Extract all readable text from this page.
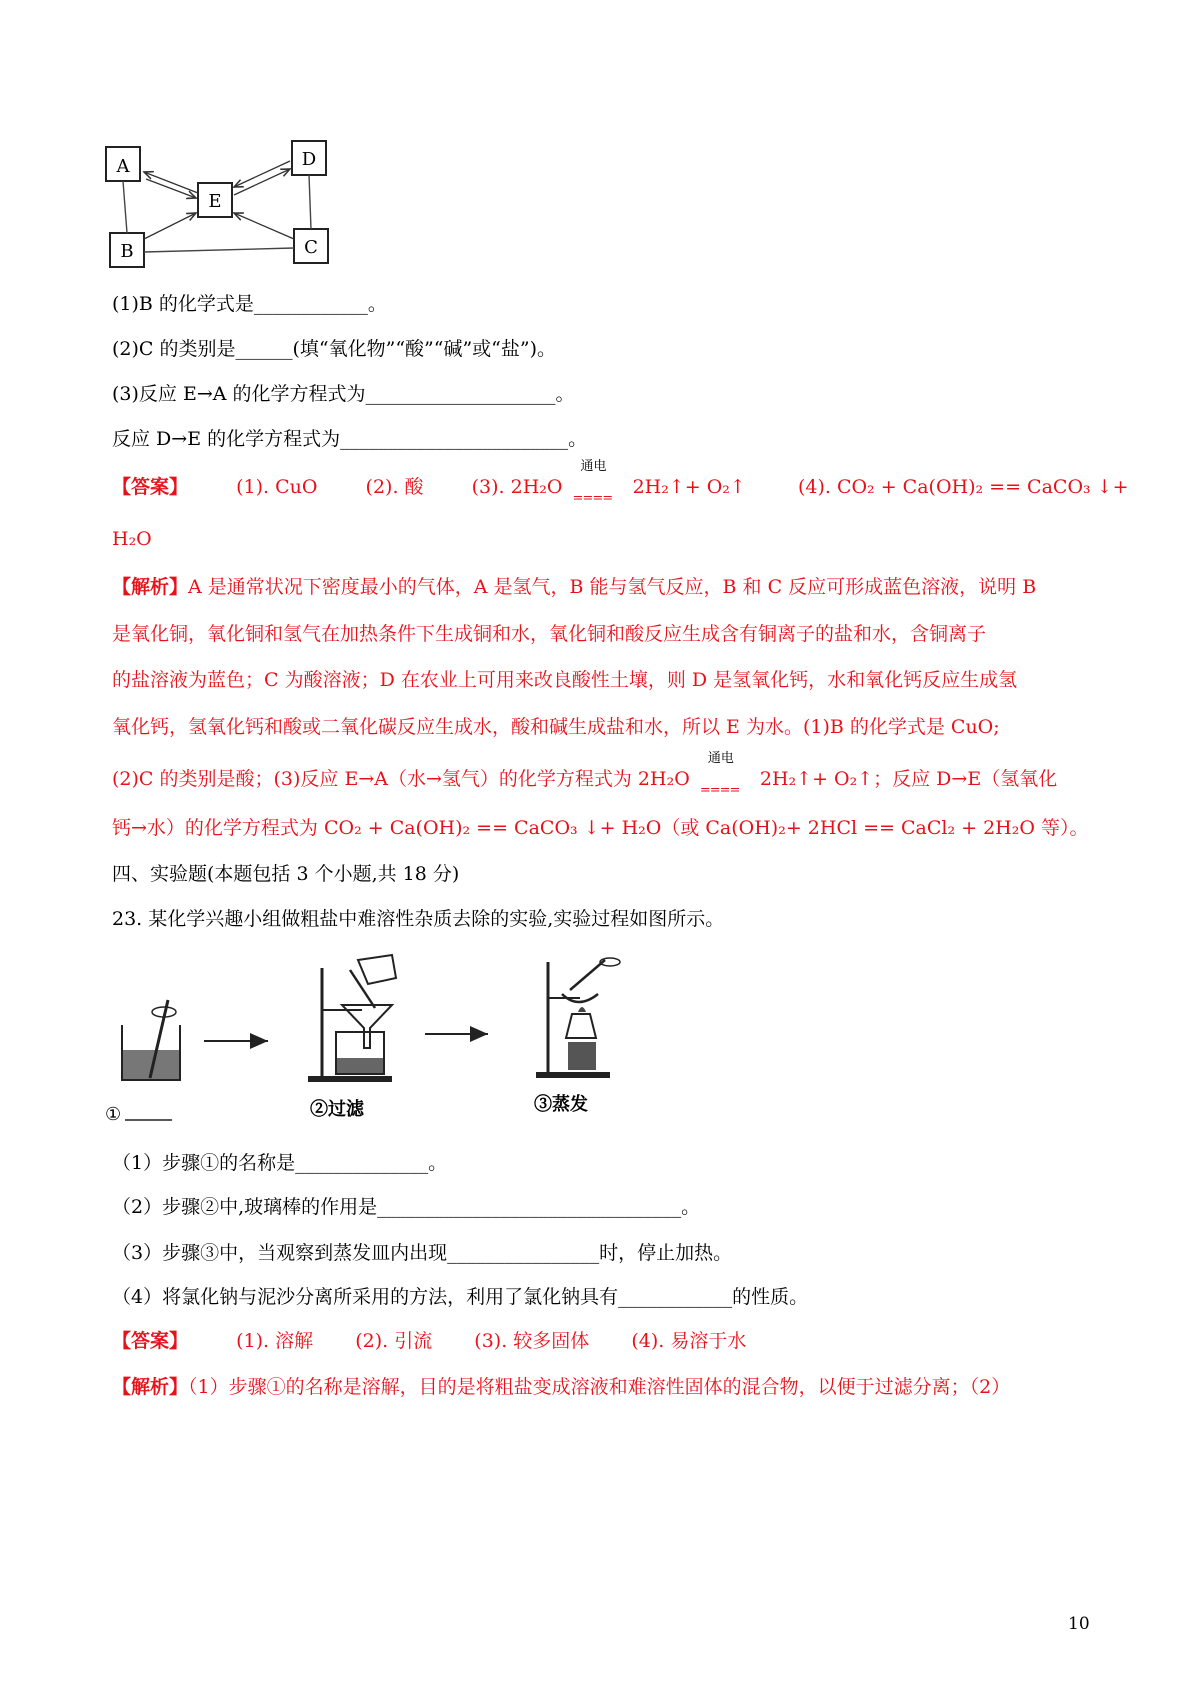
A
B
E
D
C
(1)B 的化学式是____________。
(2)C 的类别是______(填“氧化物”“酸”“碱”或“盐”)。
(3)反应 E→A 的化学方程式为____________________。
反应 D→E 的化学方程式为________________________。
【答案】	(1). CuO	(2). 酸	(3). 2H₂O
通电
====
2H₂↑+ O₂↑	(4). CO₂ + Ca(OH)₂ == CaCO₃ ↓+
H₂O
【解析】A 是通常状况下密度最小的气体，A 是氢气，B 能与氢气反应，B 和 C 反应可形成蓝色溶液，说明 B
是氧化铜，氧化铜和氢气在加热条件下生成铜和水，氧化铜和酸反应生成含有铜离子的盐和水，含铜离子
的盐溶液为蓝色；C 为酸溶液；D 在农业上可用来改良酸性土壤，则 D 是氢氧化钙，水和氧化钙反应生成氢
氧化钙，氢氧化钙和酸或二氧化碳反应生成水，酸和碱生成盐和水，所以 E 为水。(1)B 的化学式是 CuO;
(2)C 的类别是酸；(3)反应 E→A（水→氢气）的化学方程式为 2H₂O
通电
====
2H₂↑+ O₂↑；反应 D→E（氢氧化
钙→水）的化学方程式为 CO₂ + Ca(OH)₂ == CaCO₃ ↓+ H₂O（或 Ca(OH)₂+ 2HCl == CaCl₂ + 2H₂O 等）。
四、实验题(本题包括 3 个小题,共 18 分)
23. 某化学兴趣小组做粗盐中难溶性杂质去除的实验,实验过程如图所示。
①	②过滤	③蒸发
（1）步骤①的名称是______________。
（2）步骤②中,玻璃棒的作用是________________________________。
（3）步骤③中，当观察到蒸发皿内出现________________时，停止加热。
（4）将氯化钠与泥沙分离所采用的方法，利用了氯化钠具有____________的性质。
【答案】	(1). 溶解 (2). 引流 (3). 较多固体 (4). 易溶于水
【解析】（1）步骤①的名称是溶解，目的是将粗盐变成溶液和难溶性固体的混合物，以便于过滤分离；（2）
10
